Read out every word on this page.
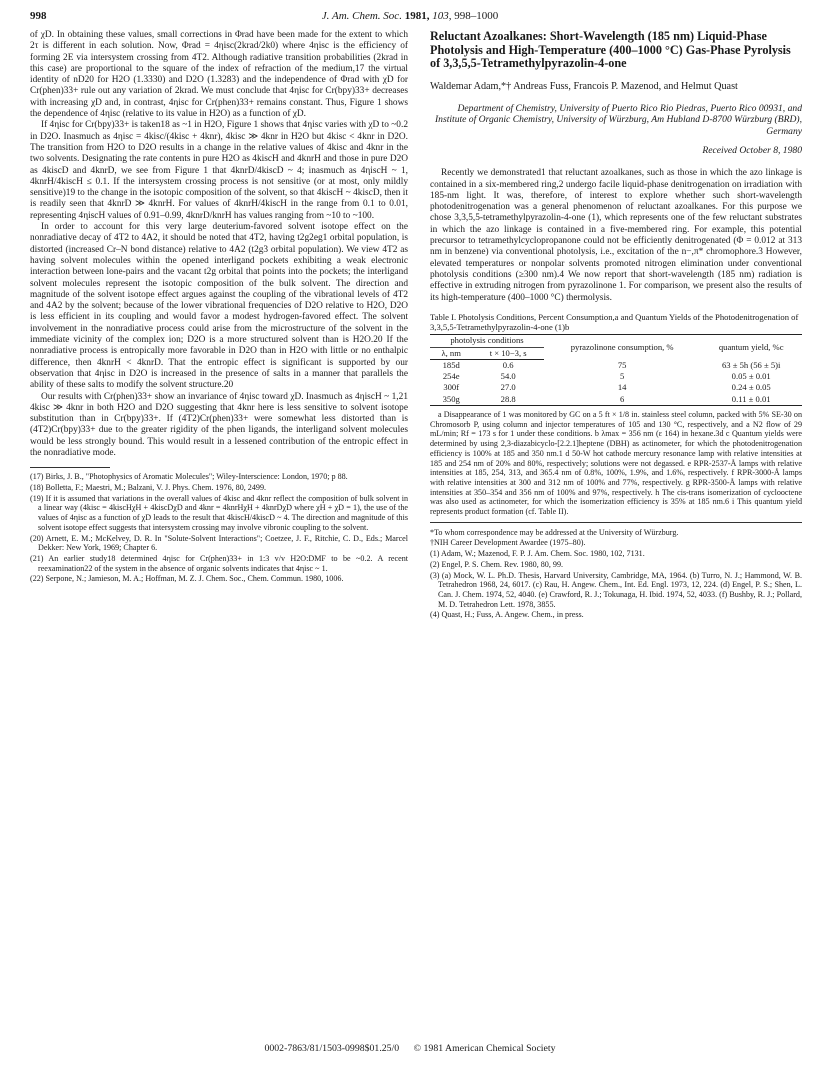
998	J. Am. Chem. Soc. 1981, 103, 998–1000

of χD. In obtaining these values, small corrections in Φrad have been made for the extent to which 2τ is different in each solution. Now, Φrad = 4ηisc(2krad/2k0) where 4ηisc is the efficiency of forming 2E via intersystem crossing from 4T2. Although radiative transition probabilities (2krad in this case) are proportional to the square of the index of refraction of the medium,17 the virtual identity of nD20 for H2O (1.3330) and D2O (1.3283) and the independence of Φrad with χD for Cr(phen)33+ rule out any variation of 2krad. We must conclude that 4ηisc for Cr(bpy)33+ decreases with increasing χD and, in contrast, 4ηisc for Cr(phen)33+ remains constant. Thus, Figure 1 shows the dependence of 4ηisc (relative to its value in H2O) as a function of χD.

If 4ηisc for Cr(bpy)33+ is taken18 as ~1 in H2O, Figure 1 shows that 4ηisc varies with χD to ~0.2 in D2O. Inasmuch as 4ηisc = 4kisc/(4kisc + 4knr), 4kisc ≫ 4knr in H2O but 4kisc < 4knr in D2O. The transition from H2O to D2O results in a change in the relative values of 4kisc and 4knr in the two solvents. Designating the rate contents in pure H2O as 4kiscH and 4knrH and those in pure D2O as 4kiscD and 4knrD, we see from Figure 1 that 4knrD/4kiscD ~ 4; inasmuch as 4ηiscH ~ 1, 4knrH/4kiscH ≤ 0.1. If the intersystem crossing process is not sensitive (or at most, only mildly sensitive)19 to the change in the isotopic composition of the solvent, so that 4kiscH ~ 4kiscD, then it is readily seen that 4knrD ≫ 4knrH. For values of 4knrH/4kiscH in the range from 0.1 to 0.01, representing 4ηiscH values of 0.91–0.99, 4knrD/knrH has values ranging from ~10 to ~100.

In order to account for this very large deuterium-favored solvent isotope effect on the nonradiative decay of 4T2 to 4A2, it should be noted that 4T2, having t2g2eg1 orbital population, is distorted (increased Cr–N bond distance) relative to 4A2 (t2g3 orbital population). We view 4T2 as having solvent molecules within the opened interligand pockets exhibiting a weak electronic interaction between lone-pairs and the vacant t2g orbital that points into the pockets; the interligand solvent molecules represent the isotopic composition of the bulk solvent. The direction and magnitude of the solvent isotope effect argues against the coupling of the vibrational levels of 4T2 and 4A2 by the solvent; because of the lower vibrational frequencies of D2O relative to H2O, D2O is less efficient in its coupling and would favor a modest hydrogen-favored effect. The solvent involvement in the nonradiative process could arise from the microstructure of the solvent in the immediate vicinity of the complex ion; D2O is a more structured solvent than is H2O.20 If the nonradiative process is entropically more favorable in D2O than in H2O with little or no enthalpic difference, then 4knrH < 4knrD. That the entropic effect is significant is supported by our observation that 4ηisc in D2O is increased in the presence of salts in a manner that parallels the ability of these salts to modify the solvent structure.20

Our results with Cr(phen)33+ show an invariance of 4ηisc toward χD. Inasmuch as 4ηiscH ~ 1,21 4kisc ≫ 4knr in both H2O and D2O suggesting that 4knr here is less sensitive to solvent isotope substitution than in Cr(bpy)33+. If (4T2)Cr(phen)33+ were somewhat less distorted than is (4T2)Cr(bpy)33+ due to the greater rigidity of the phen ligands, the interligand solvent molecules would be less strongly bound. This would result in a lessened contribution of the entropic effect in the nonradiative mode.

(17) Birks, J. B., "Photophysics of Aromatic Molecules"; Wiley-Interscience: London, 1970; p 88.

(18) Bolletta, F.; Maestri, M.; Balzani, V. J. Phys. Chem. 1976, 80, 2499.

(19) If it is assumed that variations in the overall values of 4kisc and 4knr reflect the composition of bulk solvent in a linear way (4kisc = 4kiscHχH + 4kiscDχD and 4knr = 4knrHχH + 4knrDχD where χH + χD = 1), the use of the values of 4ηisc as a function of χD leads to the result that 4kiscH/4kiscD ~ 4. The direction and magnitude of this solvent isotope effect suggests that intersystem crossing may involve vibronic coupling to the solvent.

(20) Arnett, E. M.; McKelvey, D. R. In "Solute-Solvent Interactions"; Coetzee, J. F., Ritchie, C. D., Eds.; Marcel Dekker: New York, 1969; Chapter 6.

(21) An earlier study18 determined 4ηisc for Cr(phen)33+ in 1:3 v/v H2O:DMF to be ~0.2. A recent reexamination22 of the system in the absence of organic solvents indicates that 4ηisc ~ 1.

(22) Serpone, N.; Jamieson, M. A.; Hoffman, M. Z. J. Chem. Soc., Chem. Commun. 1980, 1006.

Reluctant Azoalkanes: Short-Wavelength (185 nm) Liquid-Phase Photolysis and High-Temperature (400–1000 °C) Gas-Phase Pyrolysis of 3,3,5,5-Tetramethylpyrazolin-4-one
Waldemar Adam,*† Andreas Fuss, Francois P. Mazenod, and Helmut Quast
Department of Chemistry, University of Puerto Rico Rio Piedras, Puerto Rico 00931, and Institute of Organic Chemistry, University of Würzburg, Am Hubland D-8700 Würzburg (BRD), Germany
Received October 8, 1980

Recently we demonstrated1 that reluctant azoalkanes, such as those in which the azo linkage is contained in a six-membered ring,2 undergo facile liquid-phase denitrogenation on irradiation with 185-nm light. It was, therefore, of interest to explore whether such short-wavelength photodenitrogenation was a general phenomenon of reluctant azoalkanes. For this purpose we chose 3,3,5,5-tetramethylpyrazolin-4-one (1), which represents one of the few reluctant substrates in which the azo linkage is contained in a five-membered ring. For example, this potential precursor to tetramethylcyclopropanone could not be efficiently denitrogenated (Φ = 0.012 at 313 nm in benzene) via conventional photolysis, i.e., excitation of the n−,π* chromophore.3 However, elevated temperatures or nonpolar solvents promoted nitrogen elimination under conventional photolysis conditions (≥300 nm).4 We now report that short-wavelength (185 nm) radiation is effective in extruding nitrogen from pyrazolinone 1. For comparison, we present also the results of its high-temperature (400–1000 °C) thermolysis.

Table I. Photolysis Conditions, Percent Consumption,a and Quantum Yields of the Photodenitrogenation of 3,3,5,5-Tetramethylpyrazolin-4-one (1)b
photolysis conditions		pyrazolinone consumption, %	quantum yield, %c
λ, nm	t × 10−3, s		
185d	0.6	75	63 ± 5h (56 ± 5)i
254e	54.0	5	0.05 ± 0.01
300f	27.0	14	0.24 ± 0.05
350g	28.8	6	0.11 ± 0.01

a Disappearance of 1 was monitored by GC on a 5 ft × 1/8 in. stainless steel column, packed with 5% SE-30 on Chromosorb P, using column and injector temperatures of 105 and 130 °C, respectively, and a N2 flow of 29 mL/min; Rf = 173 s for 1 under these conditions. b λmax = 356 nm (ε 164) in hexane.3d c Quantum yields were determined by using 2,3-diazabicyclo-[2.2.1]heptene (DBH) as actinometer, for which the photodenitrogenation efficiency is 100% at 185 and 350 nm.1 d 50-W hot cathode mercury resonance lamp with relative intensities at 185 and 254 nm of 20% and 80%, respectively; solutions were not degassed. e RPR-2537-Å lamps with relative intensities at 185, 254, 313, and 365.4 nm of 0.8%, 100%, 1.9%, and 1.6%, respectively. f RPR-3000-Å lamps with relative intensities at 300 and 312 nm of 100% and 77%, respectively. g RPR-3500-Å lamps with relative intensities at 350–354 and 356 nm of 100% and 97%, respectively. h The cis-trans isomerization of cyclooctene was also used as actinometer, for which the isomerization efficiency is 35% at 185 nm.6 i This quantum yield represents product formation (cf. Table II).

*To whom correspondence may be addressed at the University of Würzburg.

†NIH Career Development Awardee (1975–80).

(1) Adam, W.; Mazenod, F. P. J. Am. Chem. Soc. 1980, 102, 7131.

(2) Engel, P. S. Chem. Rev. 1980, 80, 99.

(3) (a) Mock, W. L. Ph.D. Thesis, Harvard University, Cambridge, MA, 1964. (b) Turro, N. J.; Hammond, W. B. Tetrahedron 1968, 24, 6017. (c) Rau, H. Angew. Chem., Int. Ed. Engl. 1973, 12, 224. (d) Engel, P. S.; Shen, L. Can. J. Chem. 1974, 52, 4040. (e) Crawford, R. J.; Tokunaga, H. Ibid. 1974, 52, 4033. (f) Bushby, R. J.; Pollard, M. D. Tetrahedron Lett. 1978, 3855.

(4) Quast, H.; Fuss, A. Angew. Chem., in press.

0002-7863/81/1503-0998$01.25/0 © 1981 American Chemical Society
